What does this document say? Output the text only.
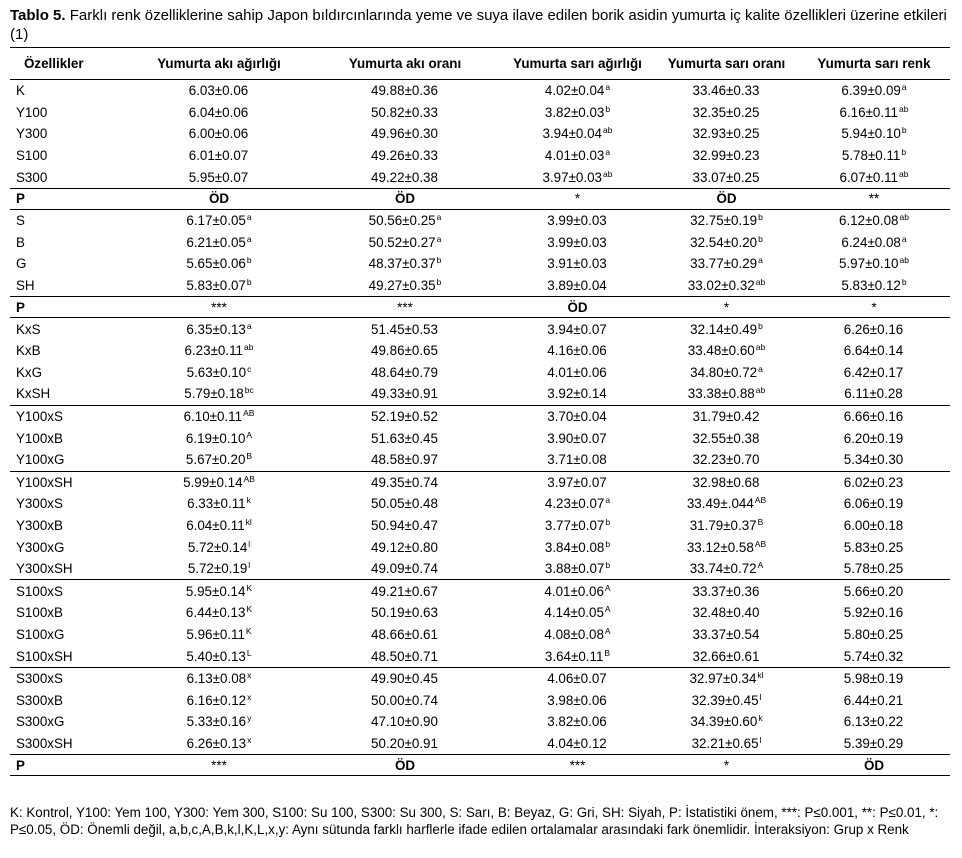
Tablo 5. Farklı renk özelliklerine sahip Japon bıldırcınlarında yeme ve suya ilave edilen borik asidin yumurta iç kalite özellikleri üzerine etkileri (1)

Özellikler	Yumurta akı ağırlığı	Yumurta akı oranı	Yumurta sarı ağırlığı	Yumurta sarı oranı	Yumurta sarı renk
K	6.03±0.06	49.88±0.36	4.02±0.04$^a$	33.46±0.33	6.39±0.09$^a$
Y100	6.04±0.06	50.82±0.33	3.82±0.03$^b$	32.35±0.25	6.16±0.11$^{ab}$
Y300	6.00±0.06	49.96±0.30	3.94±0.04$^{ab}$	32.93±0.25	5.94±0.10$^b$
S100	6.01±0.07	49.26±0.33	4.01±0.03$^a$	32.99±0.23	5.78±0.11$^b$
S300	5.95±0.07	49.22±0.38	3.97±0.03$^{ab}$	33.07±0.25	6.07±0.11$^{ab}$
P	ÖD	ÖD	*	ÖD	**
S	6.17±0.05$^a$	50.56±0.25$^a$	3.99±0.03	32.75±0.19$^b$	6.12±0.08$^{ab}$
B	6.21±0.05$^a$	50.52±0.27$^a$	3.99±0.03	32.54±0.20$^b$	6.24±0.08$^a$
G	5.65±0.06$^b$	48.37±0.37$^b$	3.91±0.03	33.77±0.29$^a$	5.97±0.10$^{ab}$
SH	5.83±0.07$^b$	49.27±0.35$^b$	3.89±0.04	33.02±0.32$^{ab}$	5.83±0.12$^b$
P	***	***	ÖD	*	*
KxS	6.35±0.13$^a$	51.45±0.53	3.94±0.07	32.14±0.49$^b$	6.26±0.16
KxB	6.23±0.11$^{ab}$	49.86±0.65	4.16±0.06	33.48±0.60$^{ab}$	6.64±0.14
KxG	5.63±0.10$^c$	48.64±0.79	4.01±0.06	34.80±0.72$^a$	6.42±0.17
KxSH	5.79±0.18$^{bc}$	49.33±0.91	3.92±0.14	33.38±0.88$^{ab}$	6.11±0.28
Y100xS	$6.10\pm 0.11^{AB}$	52.19±0.52	3.70±0.04	31.79±0.42	6.66±0.16
Y100xB	$6.19\pm 0.10^A$	51.63±0.45	3.90±0.07	32.55±0.38	6.20±0.19
Y100xG	$5.67\pm 0.20^B$	48.58±0.97	3.71±0.08	32.23±0.70	5.34±0.30
Y100xSH	$5.99\pm 0.14^{AB}$	49.35±0.74	3.97±0.07	32.98±0.68	6.02±0.23
Y300xS	$6.33\pm 0.11^k$	50.05±0.48	4.23±0.07$^a$	$33.49\pm.044^{AB}$	6.06±0.19
Y300xB	$6.04\pm 0.11^{kl}$	50.94±0.47	3.77±0.07$^b$	$31.79\pm 0.37^B$	6.00±0.18
Y300xG	$5.72\pm 0.14^l$	49.12±0.80	3.84±0.08$^b$	$33.12\pm 0.58^{AB}$	5.83±0.25
Y300xSH	$5.72\pm 0.19^l$	49.09±0.74	3.88±0.07$^b$	$33.74\pm 0.72^A$	5.78±0.25
S100xS	$5.95\pm 0.14^K$	49.21±0.67	$4.01\pm 0.06^A$	33.37±0.36	5.66±0.20
S100xB	$6.44\pm 0.13^K$	50.19±0.63	$4.14\pm 0.05^A$	32.48±0.40	5.92±0.16
S100xG	$5.96\pm 0.11^K$	48.66±0.61	$4.08\pm 0.08^A$	33.37±0.54	5.80±0.25
S100xSH	$5.40\pm 0.13^L$	48.50±0.71	$3.64\pm 0.11^B$	32.66±0.61	5.74±0.32
S300xS	$6.13\pm 0.08^x$	49.90±0.45	4.06±0.07	$32.97\pm 0.34^{kl}$	5.98±0.19
S300xB	$6.16\pm 0.12^x$	50.00±0.74	3.98±0.06	$32.39\pm 0.45^l$	6.44±0.21
S300xG	$5.33\pm 0.16^y$	47.10±0.90	3.82±0.06	$34.39\pm 0.60^k$	6.13±0.22
S300xSH	$6.26\pm 0.13^x$	50.20±0.91	4.04±0.12	$32.21\pm 0.65^l$	5.39±0.29
P	***	ÖD	***	*	ÖD
K: Kontrol, Y100: Yem 100, Y300: Yem 300, S100: Su 100, S300: Su 300, S: Sarı, B: Beyaz, G: Gri, SH: Siyah, P: İstatistiki önem, ***: P≤0.001, **: P≤0.01, *: P≤0.05, ÖD: Önemli değil, a,b,c,A,B,k,l,K,L,x,y: Aynı sütunda farklı harflerle ifade edilen ortalamalar arasındaki fark önemlidir. İnteraksiyon: Grup x Renk
